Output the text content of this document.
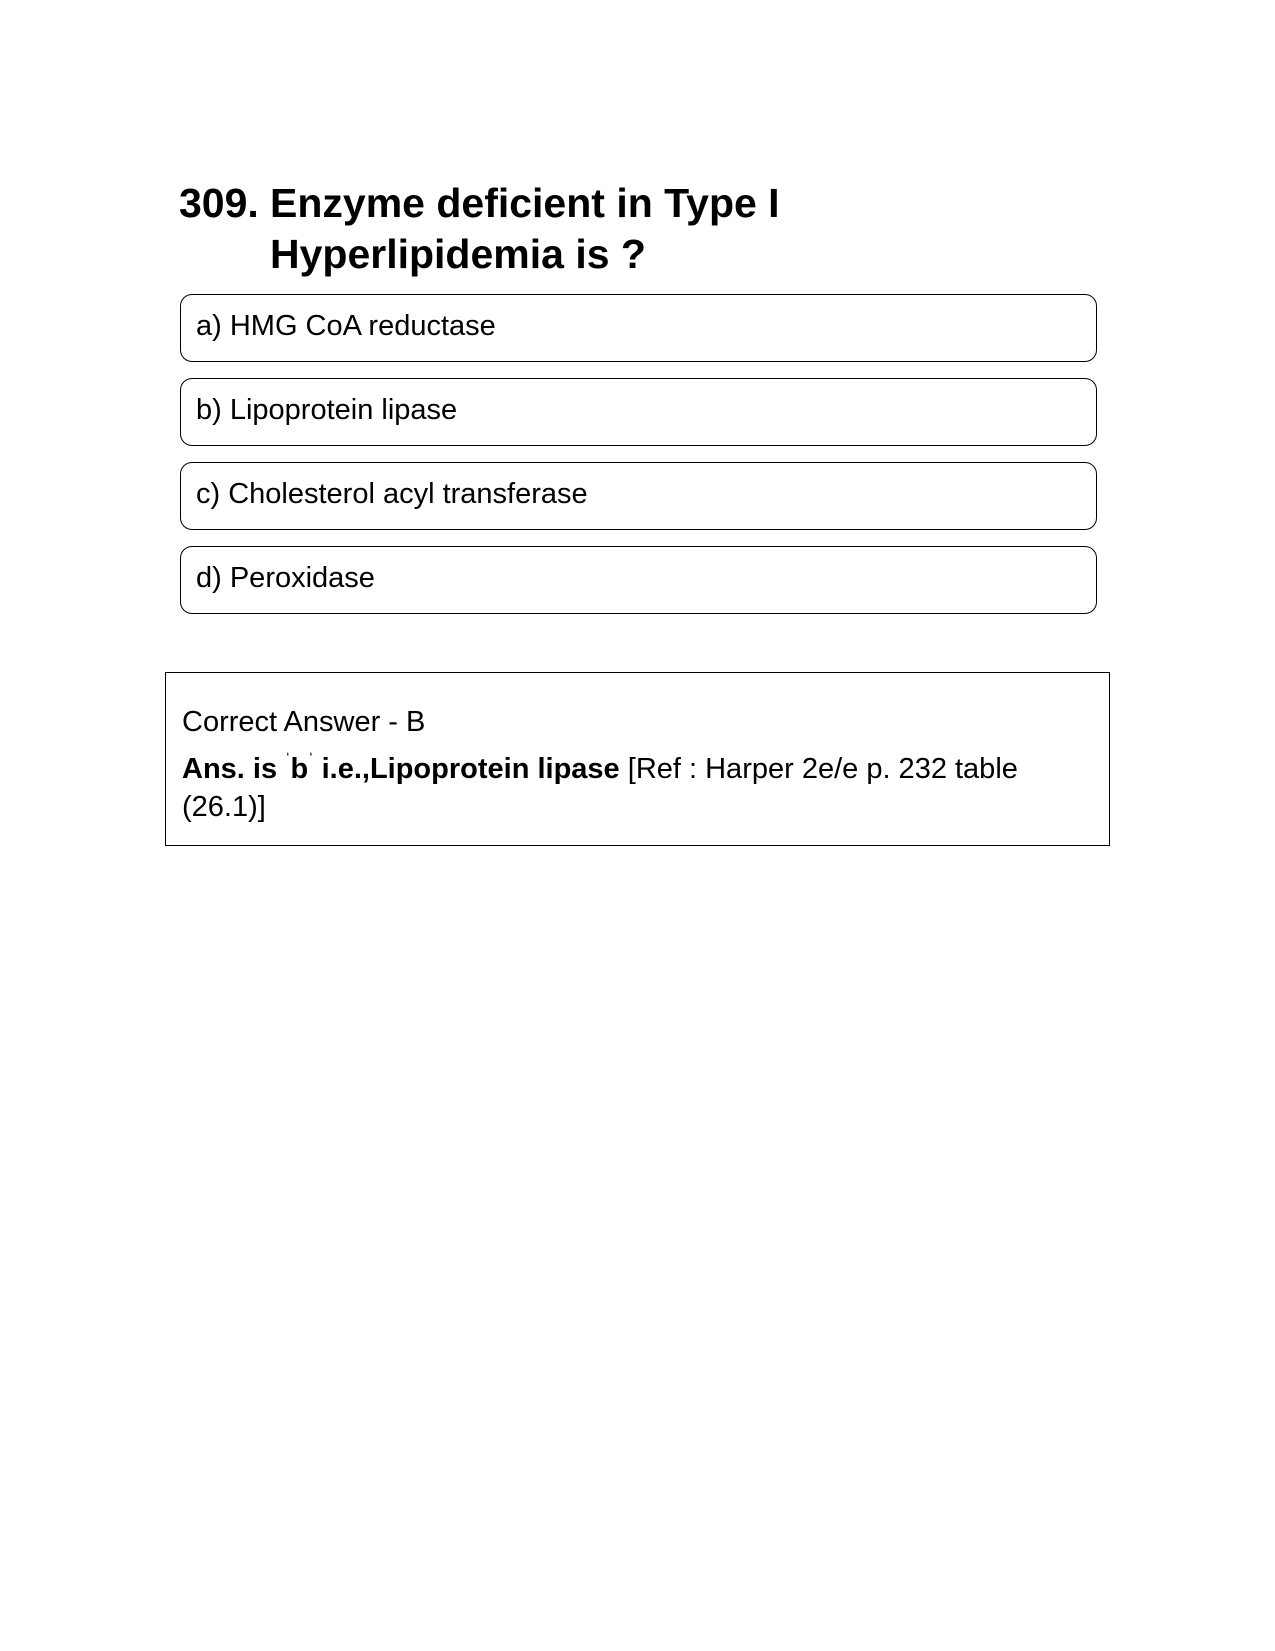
309. Enzyme deficient in Type I
Hyperlipidemia is ?
a) HMG CoA reductase
b) Lipoprotein lipase
c) Cholesterol acyl transferase
d) Peroxidase
Correct Answer - B
Ans. is $^ˈb^ˈ$ i.e.,Lipoprotein lipase [Ref : Harper 2e/e p. 232 table (26.1)]
